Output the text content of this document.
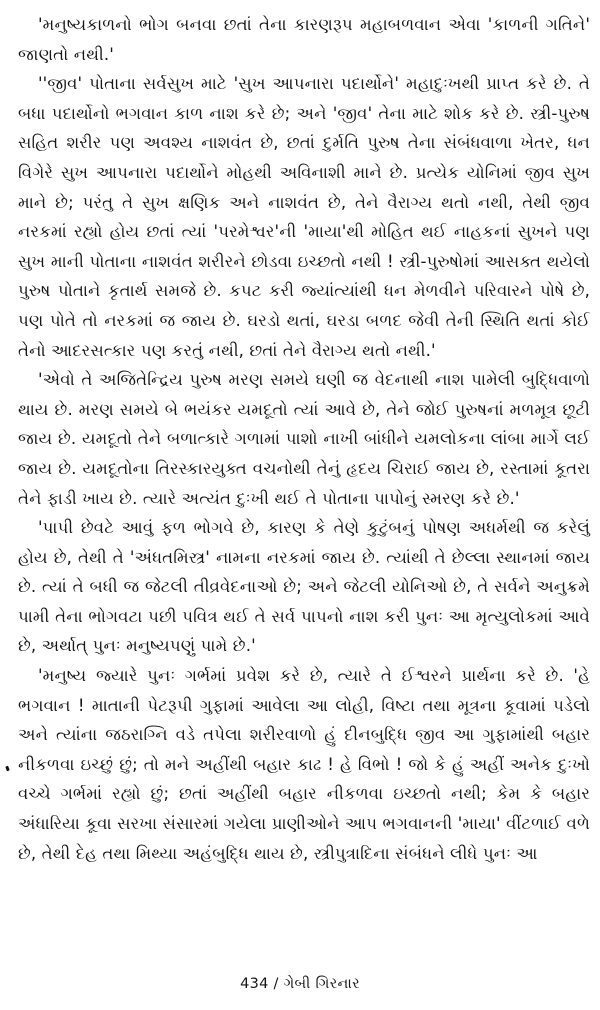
'મનુષ્યકાળનો ભોગ બનવા છતાં તેના કારણરૂપ મહાબળવાન એવા 'કાળની ગતિને' જાણતો નથી.'

''જીવ' પોતાના સર્વસુખ માટે 'સુખ આપનારા પદાર્થોને' મહાદુઃખથી પ્રાપ્ત કરે છે. તે બધા પદાર્થોનો ભગવાન કાળ નાશ કરે છે; અને 'જીવ' તેના માટે શોક કરે છે. સ્ત્રી-પુરુષ સહિત શરીર પણ અવશ્ય નાશવંત છે, છતાં દુર્મતિ પુરુષ તેના સંબંધવાળા ખેતર, ધન વિગેરે સુખ આપનારા પદાર્થોને મોહથી અવિનાશી માને છે. પ્રત્યેક યોનિમાં જીવ સુખ માને છે; પરંતુ તે સુખ ક્ષણિક અને નાશવંત છે, તેને વૈરાગ્ય થતો નથી, તેથી જીવ નરકમાં રહ્યો હોય છતાં ત્યાં 'પરમેશ્વર'ની 'માયા'થી મોહિત થઈ નાહકનાં સુખને પણ સુખ માની પોતાના નાશવંત શરીરને છોડવા ઇચ્છતો નથી ! સ્ત્રી-પુરુષોમાં આસક્ત થયેલો પુરુષ પોતાને કૃતાર્થ સમજે છે. કપટ કરી જ્યાંત્યાંથી ધન મેળવીને પરિવારને પોષે છે, પણ પોતે તો નરકમાં જ જાય છે. ઘરડો થતાં, ઘરડા બળદ જેવી તેની સ્થિતિ થતાં કોઈ તેનો આદરસત્કાર પણ કરતું નથી, છતાં તેને વૈરાગ્ય થતો નથી.'

'એવો તે અજિતેન્દ્રિય પુરુષ મરણ સમયે ઘણી જ વેદનાથી નાશ પામેલી બુદ્ધિવાળો થાય છે. મરણ સમયે બે ભયંકર યમદૂતો ત્યાં આવે છે, તેને જોઈ પુરુષનાં મળમૂત્ર છૂટી જાય છે. યમદૂતો તેને બળાત્કારે ગળામાં પાશો નાખી બાંધીને યમલોકના લાંબા માર્ગે લઈ જાય છે. યમદૂતોના તિરસ્કારયુક્ત વચનોથી તેનું હૃદય ચિરાઈ જાય છે, રસ્તામાં કૂતરા તેને ફાડી ખાય છે. ત્યારે અત્યંત દુઃખી થઈ તે પોતાના પાપોનું સ્મરણ કરે છે.'

'પાપી છેવટે આવું ફળ ભોગવે છે, કારણ કે તેણે કુટુંબનું પોષણ અધર્મથી જ કરેલું હોય છે, તેથી તે 'અંધતમિસ્ત્ર' નામના નરકમાં જાય છે. ત્યાંથી તે છેલ્લા સ્થાનમાં જાય છે. ત્યાં તે બધી જ જેટલી તીવ્રવેદનાઓ છે; અને જેટલી યોનિઓ છે, તે સર્વને અનુક્રમે પામી તેના ભોગવટા પછી પવિત્ર થઈ તે સર્વ પાપનો નાશ કરી પુનઃ આ મૃત્યુલોકમાં આવે છે, અર્થાત્ પુનઃ મનુષ્યપણું પામે છે.'

'મનુષ્ય જ્યારે પુનઃ ગર્ભમાં પ્રવેશ કરે છે, ત્યારે તે ઈશ્વરને પ્રાર્થના કરે છે. 'હે ભગવાન ! માતાની પેટરૂપી ગુફામાં આવેલા આ લોહી, વિષ્ટા તથા મૂત્રના કૂવામાં પડેલો અને ત્યાંના જઠરાગ્નિ વડે તપેલા શરીરવાળો હું દીનબુદ્ધિ જીવ આ ગુફામાંથી બહાર નીકળવા ઇચ્છું છું; તો મને અહીંથી બહાર કાઢ ! હે વિભો ! જો કે હું અહીં અનેક દુઃખો વચ્ચે ગર્ભમાં રહ્યો છું; છતાં અહીંથી બહાર નીકળવા ઇચ્છતો નથી; કેમ કે બહાર અંધારિયા કૂવા સરખા સંસારમાં ગયેલા પ્રાણીઓને આપ ભગવાનની 'માયા' વીંટળાઈ વળે છે, તેથી દેહ તથા મિથ્યા અહંબુદ્ધિ થાય છે, સ્ત્રીપુત્રાદિના સંબંધને લીધે પુનઃ આ

434 / ગેબી ગિરનાર
